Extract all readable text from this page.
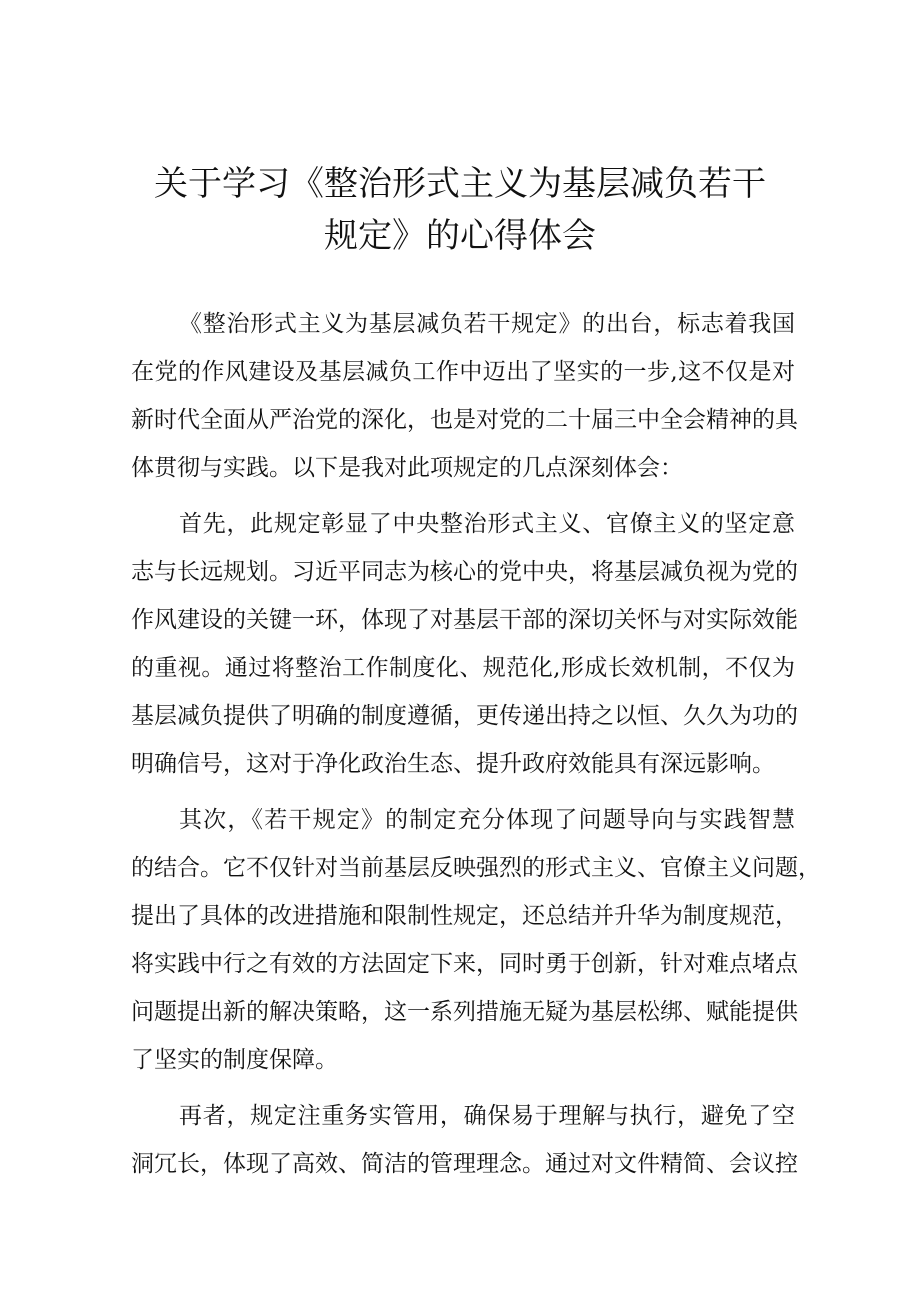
关于学习《整治形式主义为基层减负若干
规定》的心得体会
《整治形式主义为基层减负若干规定》的出台，标志着我国
在党的作风建设及基层减负工作中迈出了坚实的一步,这不仅是对
新时代全面从严治党的深化，也是对党的二十届三中全会精神的具
体贯彻与实践。以下是我对此项规定的几点深刻体会：
首先，此规定彰显了中央整治形式主义、官僚主义的坚定意
志与长远规划。习近平同志为核心的党中央，将基层减负视为党的
作风建设的关键一环，体现了对基层干部的深切关怀与对实际效能
的重视。通过将整治工作制度化、规范化,形成长效机制，不仅为
基层减负提供了明确的制度遵循，更传递出持之以恒、久久为功的
明确信号，这对于净化政治生态、提升政府效能具有深远影响。
其次，《若干规定》的制定充分体现了问题导向与实践智慧
的结合。它不仅针对当前基层反映强烈的形式主义、官僚主义问题，
提出了具体的改进措施和限制性规定，还总结并升华为制度规范，
将实践中行之有效的方法固定下来，同时勇于创新，针对难点堵点
问题提出新的解决策略，这一系列措施无疑为基层松绑、赋能提供
了坚实的制度保障。
再者，规定注重务实管用，确保易于理解与执行，避免了空
洞冗长，体现了高效、简洁的管理理念。通过对文件精简、会议控
